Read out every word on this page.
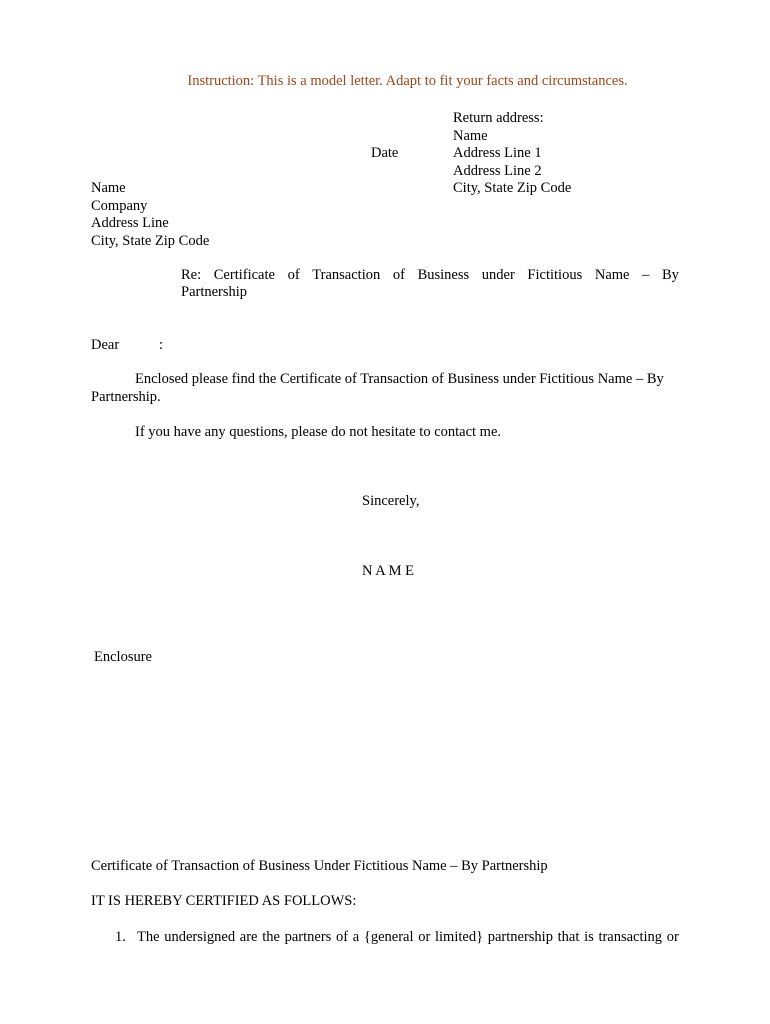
Instruction: This is a model letter. Adapt to fit your facts and circumstances.
Return address:
Name
Address Line 1
Address Line 2
City, State Zip Code
Date
Name
Company
Address Line
City, State Zip Code
Re: Certificate of Transaction of Business under Fictitious Name – By
Partnership
Dear	:
Enclosed please find the Certificate of Transaction of Business under Fictitious Name – By Partnership.
If you have any questions, please do not hesitate to contact me.
Sincerely,
N A M E
Enclosure
Certificate of Transaction of Business Under Fictitious Name – By Partnership
IT IS HEREBY CERTIFIED AS FOLLOWS:
1. The undersigned are the partners of a {general or limited} partnership that is transacting or
